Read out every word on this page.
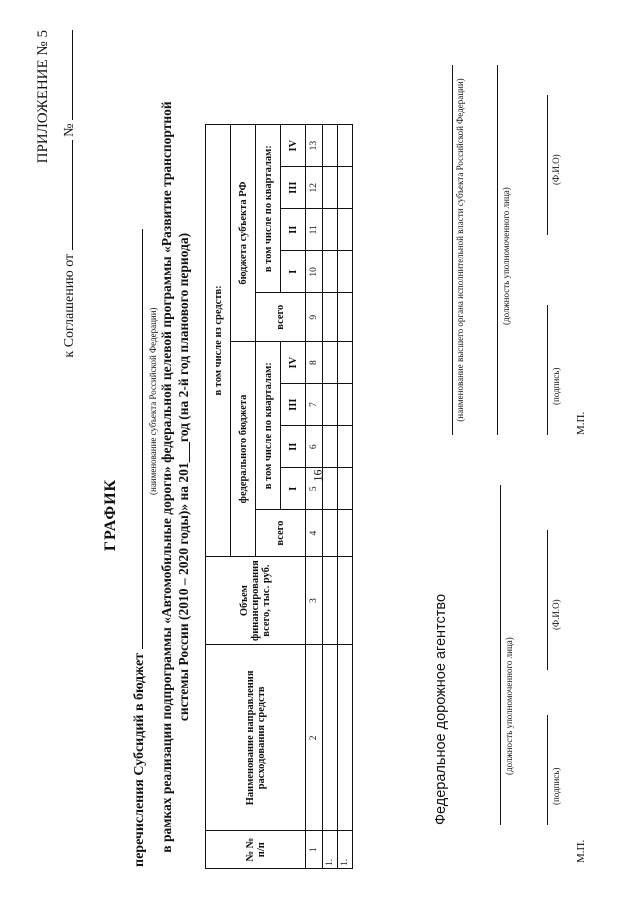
16
ПРИЛОЖЕНИЕ № 5
к Соглашению от  №
ГРАФИК
перечисления Субсидий в бюджет
(наименование субъекта Российской Федерации) в рамках реализации подпрограммы «Автомобильные дороги» федеральной целевой программы «Развитие транспортной системы России (2010 – 2020 годы)» на 201___год (на 2-й год планового периода)
№ № п/п	Наименование направления расходования средств	Объем финансирования всего, тыс. руб.	в том числе из средств:									
			федерального бюджета					бюджета субъекта РФ				
			всего	в том числе по кварталам:				всего	в том числе по кварталам:			
				I	II	III	IV		I	II	III	IV
1	2	3	4	5	6	7	8	9	10	11	12	13
1.												
1.												
Федеральное дорожное агентство	(должность уполномоченного лица)
(подпись)
(Ф.И.О)
М.П.
(наименование высшего органа исполнительной власти субъекта Российской Федерации)	(должность уполномоченного лица)
(подпись)
(Ф.И.О)
М.П.
